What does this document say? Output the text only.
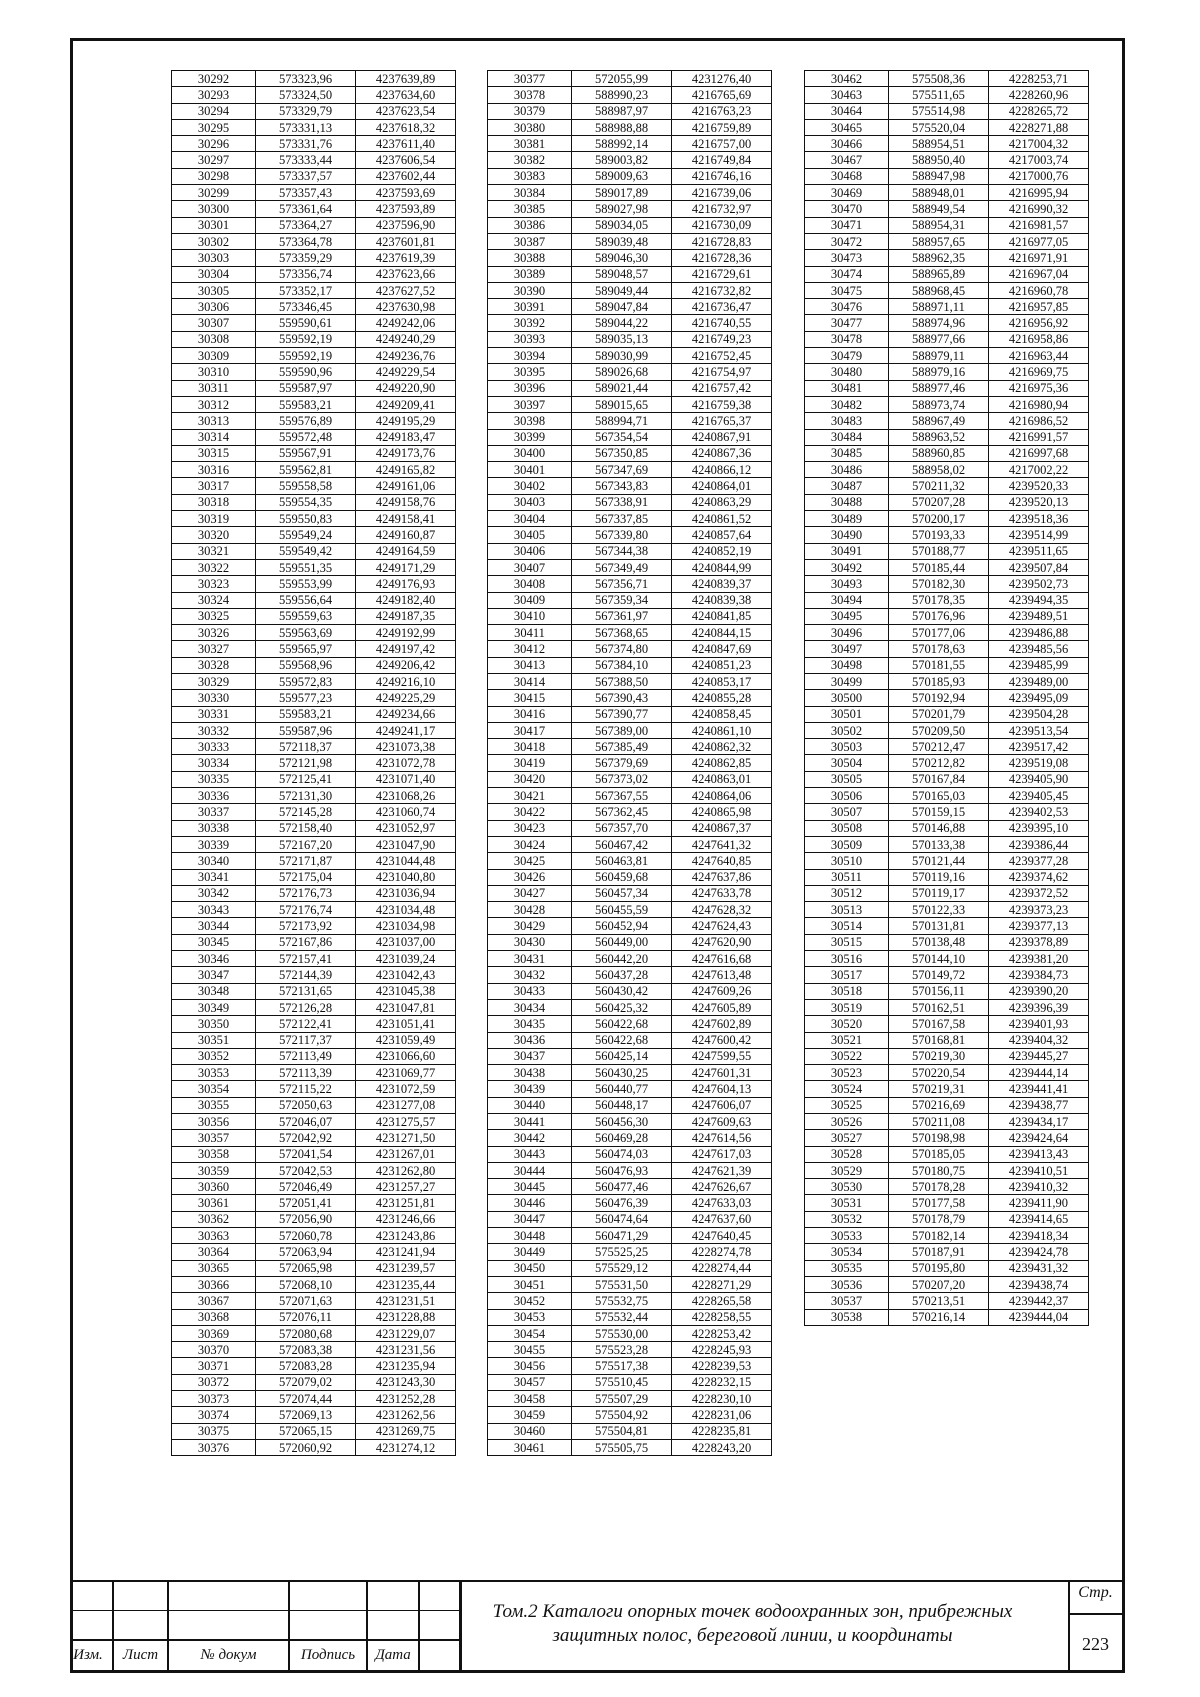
30292	573323,96	4237639,89
30293	573324,50	4237634,60
30294	573329,79	4237623,54
30295	573331,13	4237618,32
30296	573331,76	4237611,40
30297	573333,44	4237606,54
30298	573337,57	4237602,44
30299	573357,43	4237593,69
30300	573361,64	4237593,89
30301	573364,27	4237596,90
30302	573364,78	4237601,81
30303	573359,29	4237619,39
30304	573356,74	4237623,66
30305	573352,17	4237627,52
30306	573346,45	4237630,98
30307	559590,61	4249242,06
30308	559592,19	4249240,29
30309	559592,19	4249236,76
30310	559590,96	4249229,54
30311	559587,97	4249220,90
30312	559583,21	4249209,41
30313	559576,89	4249195,29
30314	559572,48	4249183,47
30315	559567,91	4249173,76
30316	559562,81	4249165,82
30317	559558,58	4249161,06
30318	559554,35	4249158,76
30319	559550,83	4249158,41
30320	559549,24	4249160,87
30321	559549,42	4249164,59
30322	559551,35	4249171,29
30323	559553,99	4249176,93
30324	559556,64	4249182,40
30325	559559,63	4249187,35
30326	559563,69	4249192,99
30327	559565,97	4249197,42
30328	559568,96	4249206,42
30329	559572,83	4249216,10
30330	559577,23	4249225,29
30331	559583,21	4249234,66
30332	559587,96	4249241,17
30333	572118,37	4231073,38
30334	572121,98	4231072,78
30335	572125,41	4231071,40
30336	572131,30	4231068,26
30337	572145,28	4231060,74
30338	572158,40	4231052,97
30339	572167,20	4231047,90
30340	572171,87	4231044,48
30341	572175,04	4231040,80
30342	572176,73	4231036,94
30343	572176,74	4231034,48
30344	572173,92	4231034,98
30345	572167,86	4231037,00
30346	572157,41	4231039,24
30347	572144,39	4231042,43
30348	572131,65	4231045,38
30349	572126,28	4231047,81
30350	572122,41	4231051,41
30351	572117,37	4231059,49
30352	572113,49	4231066,60
30353	572113,39	4231069,77
30354	572115,22	4231072,59
30355	572050,63	4231277,08
30356	572046,07	4231275,57
30357	572042,92	4231271,50
30358	572041,54	4231267,01
30359	572042,53	4231262,80
30360	572046,49	4231257,27
30361	572051,41	4231251,81
30362	572056,90	4231246,66
30363	572060,78	4231243,86
30364	572063,94	4231241,94
30365	572065,98	4231239,57
30366	572068,10	4231235,44
30367	572071,63	4231231,51
30368	572076,11	4231228,88
30369	572080,68	4231229,07
30370	572083,38	4231231,56
30371	572083,28	4231235,94
30372	572079,02	4231243,30
30373	572074,44	4231252,28
30374	572069,13	4231262,56
30375	572065,15	4231269,75
30376	572060,92	4231274,12
30377	572055,99	4231276,40
30378	588990,23	4216765,69
30379	588987,97	4216763,23
30380	588988,88	4216759,89
30381	588992,14	4216757,00
30382	589003,82	4216749,84
30383	589009,63	4216746,16
30384	589017,89	4216739,06
30385	589027,98	4216732,97
30386	589034,05	4216730,09
30387	589039,48	4216728,83
30388	589046,30	4216728,36
30389	589048,57	4216729,61
30390	589049,44	4216732,82
30391	589047,84	4216736,47
30392	589044,22	4216740,55
30393	589035,13	4216749,23
30394	589030,99	4216752,45
30395	589026,68	4216754,97
30396	589021,44	4216757,42
30397	589015,65	4216759,38
30398	588994,71	4216765,37
30399	567354,54	4240867,91
30400	567350,85	4240867,36
30401	567347,69	4240866,12
30402	567343,83	4240864,01
30403	567338,91	4240863,29
30404	567337,85	4240861,52
30405	567339,80	4240857,64
30406	567344,38	4240852,19
30407	567349,49	4240844,99
30408	567356,71	4240839,37
30409	567359,34	4240839,38
30410	567361,97	4240841,85
30411	567368,65	4240844,15
30412	567374,80	4240847,69
30413	567384,10	4240851,23
30414	567388,50	4240853,17
30415	567390,43	4240855,28
30416	567390,77	4240858,45
30417	567389,00	4240861,10
30418	567385,49	4240862,32
30419	567379,69	4240862,85
30420	567373,02	4240863,01
30421	567367,55	4240864,06
30422	567362,45	4240865,98
30423	567357,70	4240867,37
30424	560467,42	4247641,32
30425	560463,81	4247640,85
30426	560459,68	4247637,86
30427	560457,34	4247633,78
30428	560455,59	4247628,32
30429	560452,94	4247624,43
30430	560449,00	4247620,90
30431	560442,20	4247616,68
30432	560437,28	4247613,48
30433	560430,42	4247609,26
30434	560425,32	4247605,89
30435	560422,68	4247602,89
30436	560422,68	4247600,42
30437	560425,14	4247599,55
30438	560430,25	4247601,31
30439	560440,77	4247604,13
30440	560448,17	4247606,07
30441	560456,30	4247609,63
30442	560469,28	4247614,56
30443	560474,03	4247617,03
30444	560476,93	4247621,39
30445	560477,46	4247626,67
30446	560476,39	4247633,03
30447	560474,64	4247637,60
30448	560471,29	4247640,45
30449	575525,25	4228274,78
30450	575529,12	4228274,44
30451	575531,50	4228271,29
30452	575532,75	4228265,58
30453	575532,44	4228258,55
30454	575530,00	4228253,42
30455	575523,28	4228245,93
30456	575517,38	4228239,53
30457	575510,45	4228232,15
30458	575507,29	4228230,10
30459	575504,92	4228231,06
30460	575504,81	4228235,81
30461	575505,75	4228243,20
30462	575508,36	4228253,71
30463	575511,65	4228260,96
30464	575514,98	4228265,72
30465	575520,04	4228271,88
30466	588954,51	4217004,32
30467	588950,40	4217003,74
30468	588947,98	4217000,76
30469	588948,01	4216995,94
30470	588949,54	4216990,32
30471	588954,31	4216981,57
30472	588957,65	4216977,05
30473	588962,35	4216971,91
30474	588965,89	4216967,04
30475	588968,45	4216960,78
30476	588971,11	4216957,85
30477	588974,96	4216956,92
30478	588977,66	4216958,86
30479	588979,11	4216963,44
30480	588979,16	4216969,75
30481	588977,46	4216975,36
30482	588973,74	4216980,94
30483	588967,49	4216986,52
30484	588963,52	4216991,57
30485	588960,85	4216997,68
30486	588958,02	4217002,22
30487	570211,32	4239520,33
30488	570207,28	4239520,13
30489	570200,17	4239518,36
30490	570193,33	4239514,99
30491	570188,77	4239511,65
30492	570185,44	4239507,84
30493	570182,30	4239502,73
30494	570178,35	4239494,35
30495	570176,96	4239489,51
30496	570177,06	4239486,88
30497	570178,63	4239485,56
30498	570181,55	4239485,99
30499	570185,93	4239489,00
30500	570192,94	4239495,09
30501	570201,79	4239504,28
30502	570209,50	4239513,54
30503	570212,47	4239517,42
30504	570212,82	4239519,08
30505	570167,84	4239405,90
30506	570165,03	4239405,45
30507	570159,15	4239402,53
30508	570146,88	4239395,10
30509	570133,38	4239386,44
30510	570121,44	4239377,28
30511	570119,16	4239374,62
30512	570119,17	4239372,52
30513	570122,33	4239373,23
30514	570131,81	4239377,13
30515	570138,48	4239378,89
30516	570144,10	4239381,20
30517	570149,72	4239384,73
30518	570156,11	4239390,20
30519	570162,51	4239396,39
30520	570167,58	4239401,93
30521	570168,81	4239404,32
30522	570219,30	4239445,27
30523	570220,54	4239444,14
30524	570219,31	4239441,41
30525	570216,69	4239438,77
30526	570211,08	4239434,17
30527	570198,98	4239424,64
30528	570185,05	4239413,43
30529	570180,75	4239410,51
30530	570178,28	4239410,32
30531	570177,58	4239411,90
30532	570178,79	4239414,65
30533	570182,14	4239418,34
30534	570187,91	4239424,78
30535	570195,80	4239431,32
30536	570207,20	4239438,74
30537	570213,51	4239442,37
30538	570216,14	4239444,04
Изм.	Лист	№ докум	Подпись	Дата
Том.2 Каталоги опорных точек водоохранных зон, прибрежных защитных полос, береговой линии, и координаты
Стр.
223
